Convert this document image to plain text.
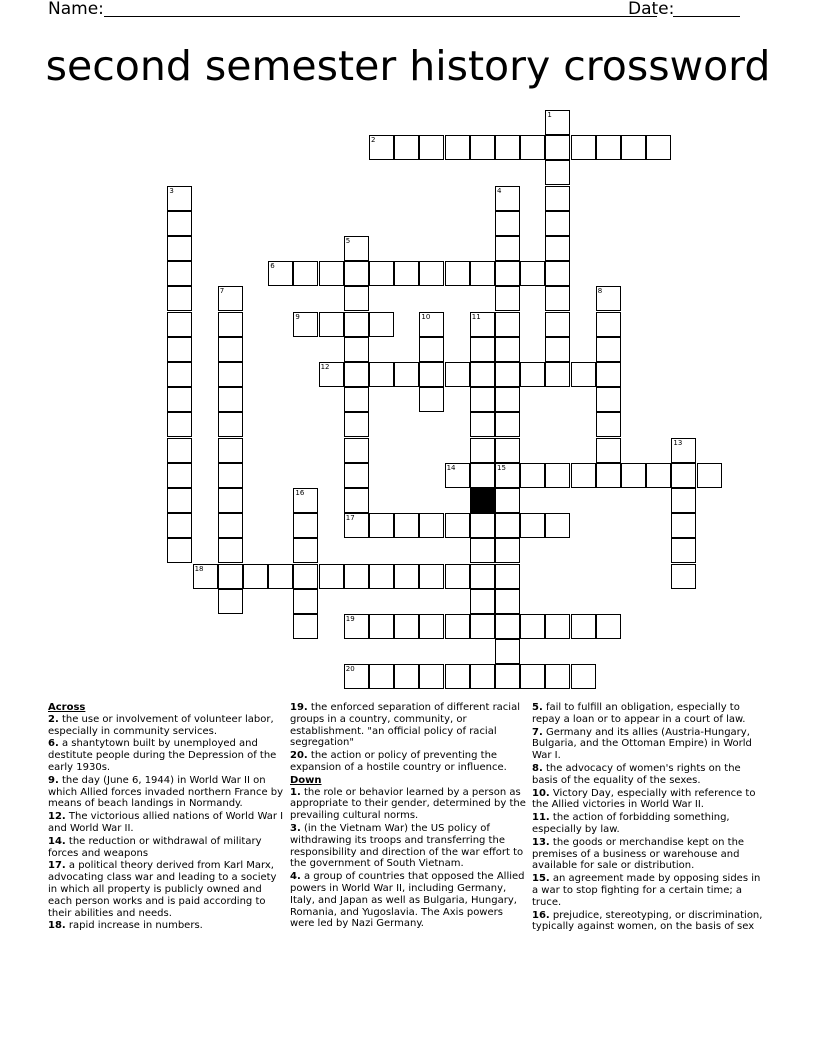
Name:	Date:
second semester history crossword
1
2
3	4
5
6
7	8
9	10	11
12
13
14	15
16
17
18
19
20
Across
2. the use or involvement of volunteer labor, especially in community services.
6. a shantytown built by unemployed and destitute people during the Depression of the early 1930s.
9. the day (June 6, 1944) in World War II on which Allied forces invaded northern France by means of beach landings in Normandy.
12. The victorious allied nations of World War I and World War II.
14. the reduction or withdrawal of military forces and weapons
17. a political theory derived from Karl Marx, advocating class war and leading to a society in which all property is publicly owned and each person works and is paid according to their abilities and needs.
18. rapid increase in numbers.
19. the enforced separation of different racial groups in a country, community, or establishment. "an official policy of racial segregation"
20. the action or policy of preventing the expansion of a hostile country or influence.
Down
1. the role or behavior learned by a person as appropriate to their gender, determined by the prevailing cultural norms.
3. (in the Vietnam War) the US policy of withdrawing its troops and transferring the responsibility and direction of the war effort to the government of South Vietnam.
4. a group of countries that opposed the Allied powers in World War II, including Germany, Italy, and Japan as well as Bulgaria, Hungary, Romania, and Yugoslavia. The Axis powers were led by Nazi Germany.
5. fail to fulfill an obligation, especially to repay a loan or to appear in a court of law.
7. Germany and its allies (Austria-Hungary, Bulgaria, and the Ottoman Empire) in World War I.
8. the advocacy of women's rights on the basis of the equality of the sexes.
10. Victory Day, especially with reference to the Allied victories in World War II.
11. the action of forbidding something, especially by law.
13. the goods or merchandise kept on the premises of a business or warehouse and available for sale or distribution.
15. an agreement made by opposing sides in a war to stop fighting for a certain time; a truce.
16. prejudice, stereotyping, or discrimination, typically against women, on the basis of sex
